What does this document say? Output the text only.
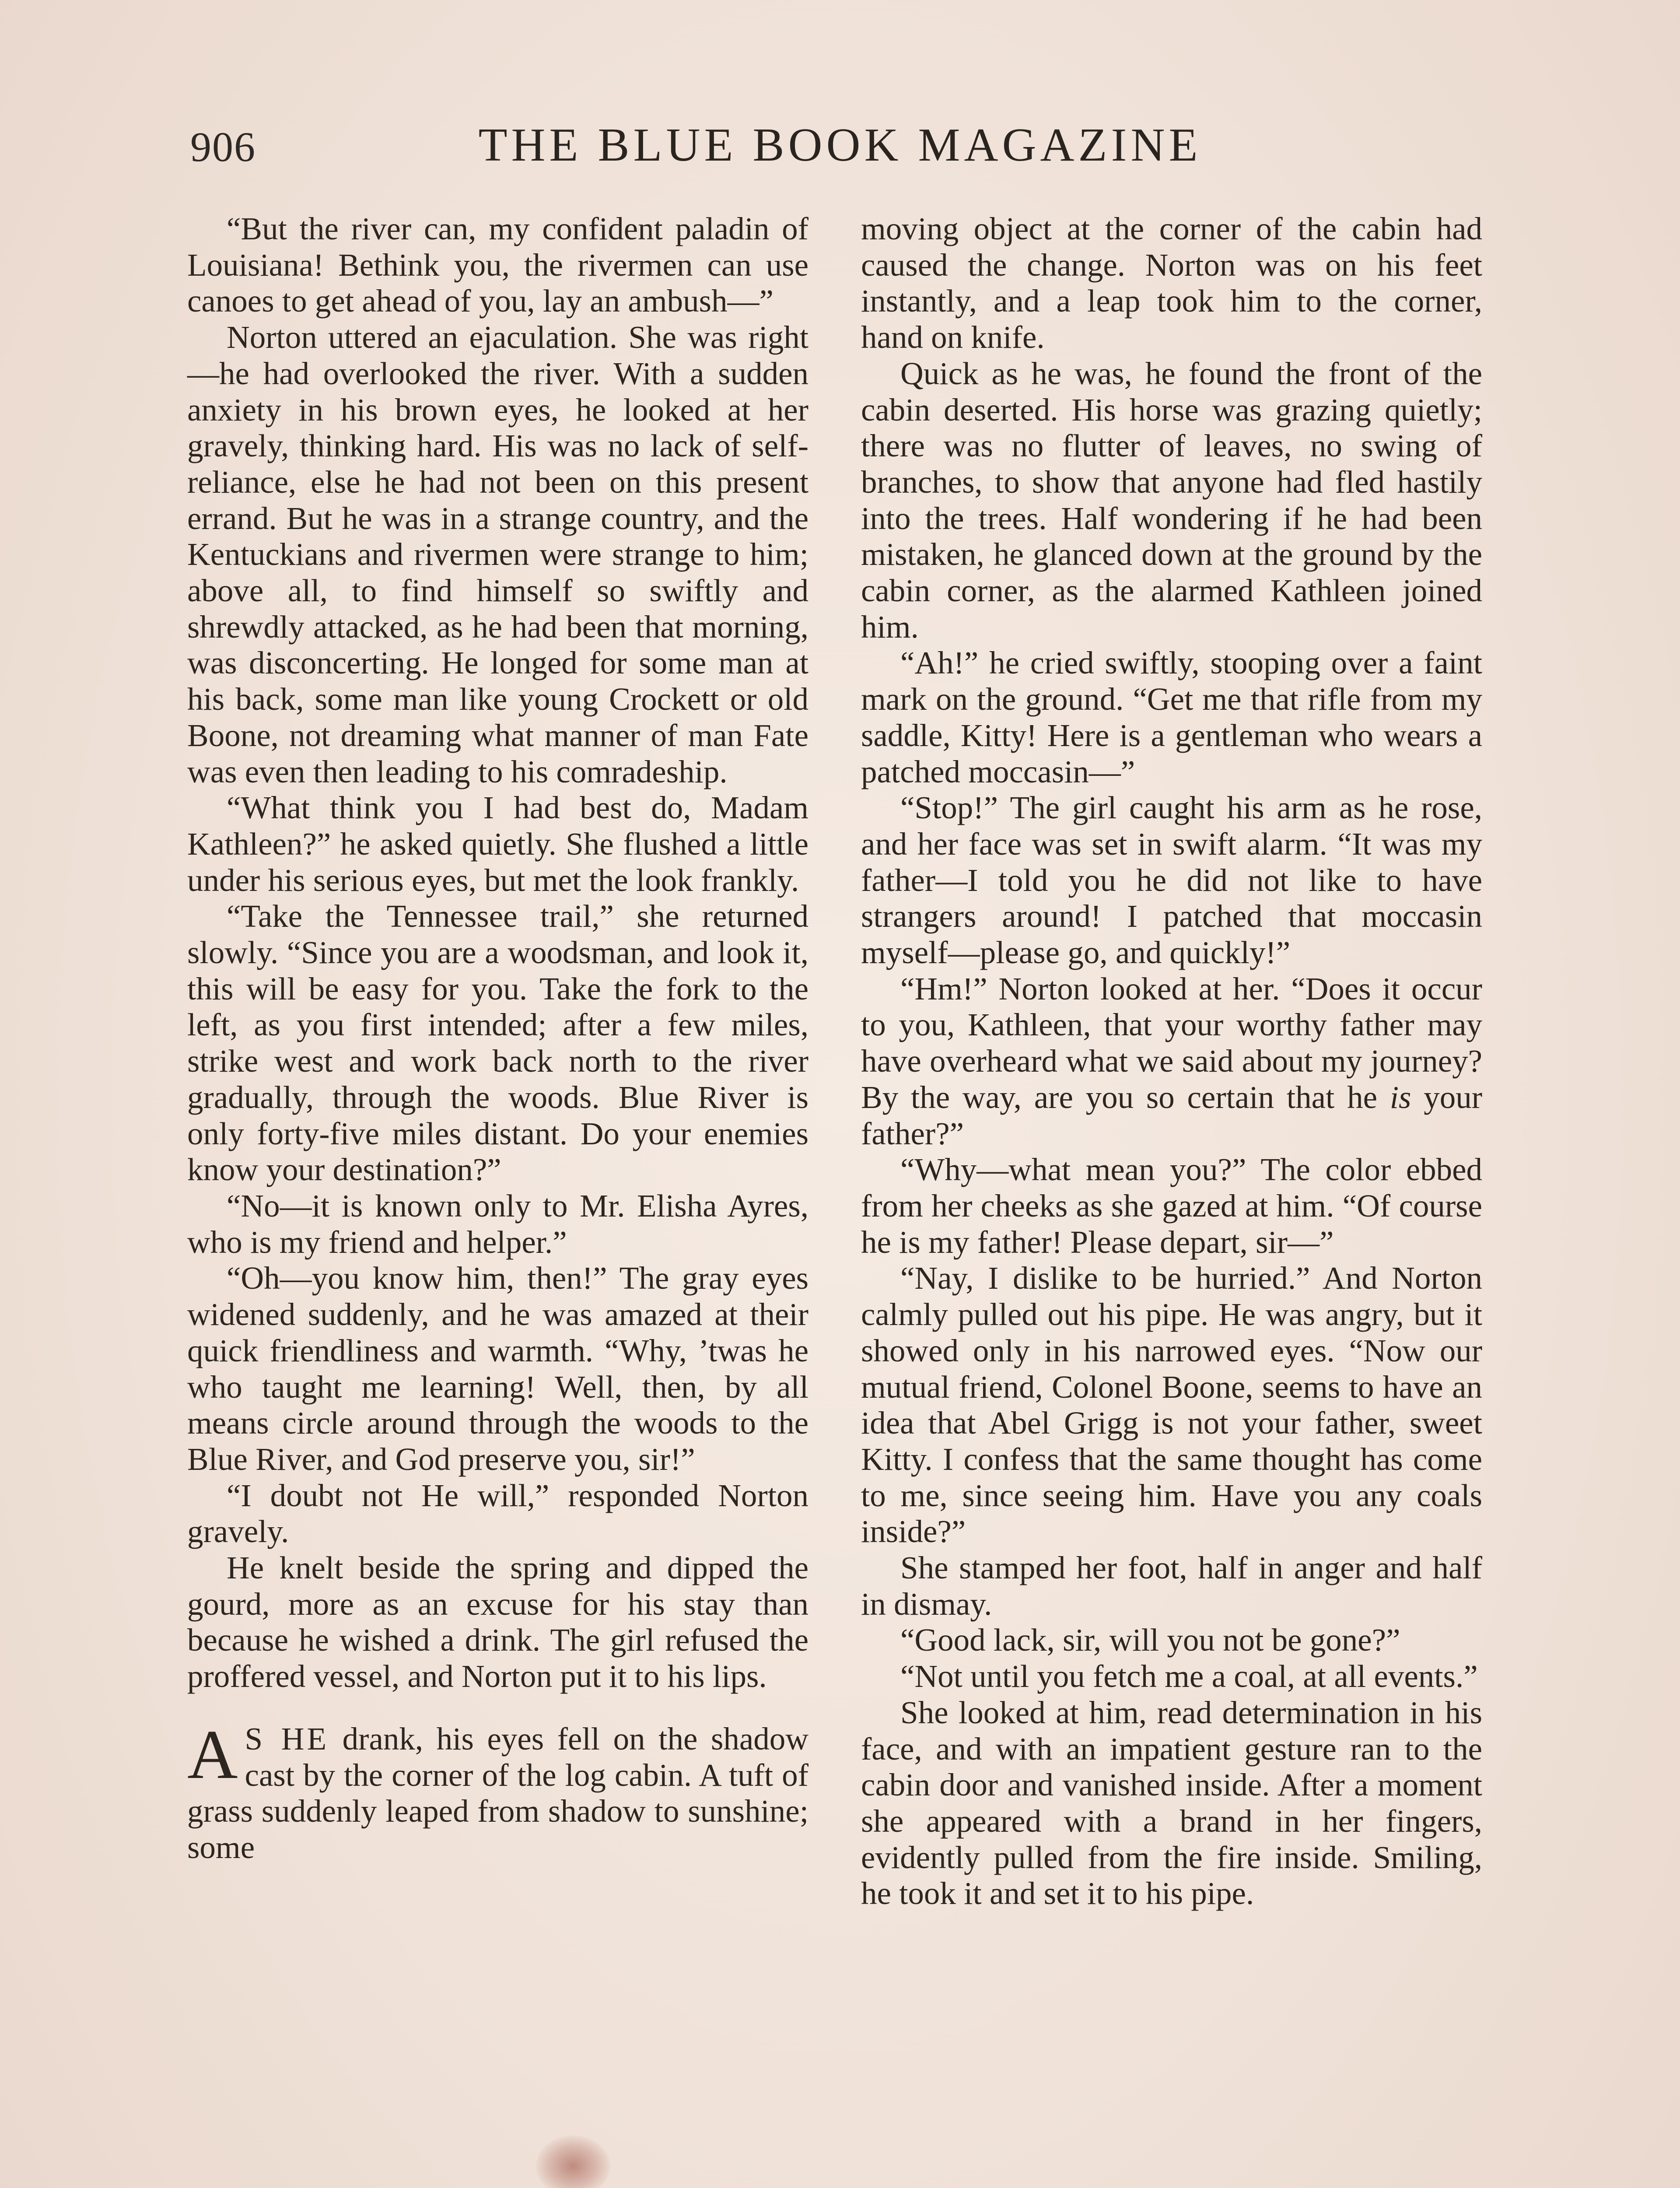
906	THE BLUE BOOK MAGAZINE

“But the river can, my confident paladin of Louisiana! Bethink you, the rivermen can use canoes to get ahead of you, lay an ambush—”

Norton uttered an ejaculation. She was right—he had overlooked the river. With a sudden anxiety in his brown eyes, he looked at her gravely, thinking hard. His was no lack of self-reliance, else he had not been on this present errand. But he was in a strange country, and the Kentuckians and rivermen were strange to him; above all, to find himself so swiftly and shrewdly attacked, as he had been that morning, was disconcerting. He longed for some man at his back, some man like young Crockett or old Boone, not dreaming what manner of man Fate was even then leading to his comradeship.

“What think you I had best do, Madam Kathleen?” he asked quietly. She flushed a little under his serious eyes, but met the look frankly.

“Take the Tennessee trail,” she returned slowly. “Since you are a woodsman, and look it, this will be easy for you. Take the fork to the left, as you first intended; after a few miles, strike west and work back north to the river gradually, through the woods. Blue River is only forty-five miles distant. Do your enemies know your destination?”

“No—it is known only to Mr. Elisha Ayres, who is my friend and helper.”

“Oh—you know him, then!” The gray eyes widened suddenly, and he was amazed at their quick friendliness and warmth. “Why, ’twas he who taught me learning! Well, then, by all means circle around through the woods to the Blue River, and God preserve you, sir!”

“I doubt not He will,” responded Norton gravely.

He knelt beside the spring and dipped the gourd, more as an excuse for his stay than because he wished a drink. The girl refused the proffered vessel, and Norton put it to his lips.

A S HE drank, his eyes fell on the shadow cast by the corner of the log cabin. A tuft of grass suddenly leaped from shadow to sunshine; some

moving object at the corner of the cabin had caused the change. Norton was on his feet instantly, and a leap took him to the corner, hand on knife.

Quick as he was, he found the front of the cabin deserted. His horse was grazing quietly; there was no flutter of leaves, no swing of branches, to show that anyone had fled hastily into the trees. Half wondering if he had been mistaken, he glanced down at the ground by the cabin corner, as the alarmed Kathleen joined him.

“Ah!” he cried swiftly, stooping over a faint mark on the ground. “Get me that rifle from my saddle, Kitty! Here is a gentleman who wears a patched moccasin—”

“Stop!” The girl caught his arm as he rose, and her face was set in swift alarm. “It was my father—I told you he did not like to have strangers around! I patched that moccasin myself—please go, and quickly!”

“Hm!” Norton looked at her. “Does it occur to you, Kathleen, that your worthy father may have overheard what we said about my journey? By the way, are you so certain that he is your father?”

“Why—what mean you?” The color ebbed from her cheeks as she gazed at him. “Of course he is my father! Please depart, sir—”

“Nay, I dislike to be hurried.” And Norton calmly pulled out his pipe. He was angry, but it showed only in his narrowed eyes. “Now our mutual friend, Colonel Boone, seems to have an idea that Abel Grigg is not your father, sweet Kitty. I confess that the same thought has come to me, since seeing him. Have you any coals inside?”

She stamped her foot, half in anger and half in dismay.

“Good lack, sir, will you not be gone?”

“Not until you fetch me a coal, at all events.”

She looked at him, read determination in his face, and with an impatient gesture ran to the cabin door and vanished inside. After a moment she appeared with a brand in her fingers, evidently pulled from the fire inside. Smiling, he took it and set it to his pipe.
